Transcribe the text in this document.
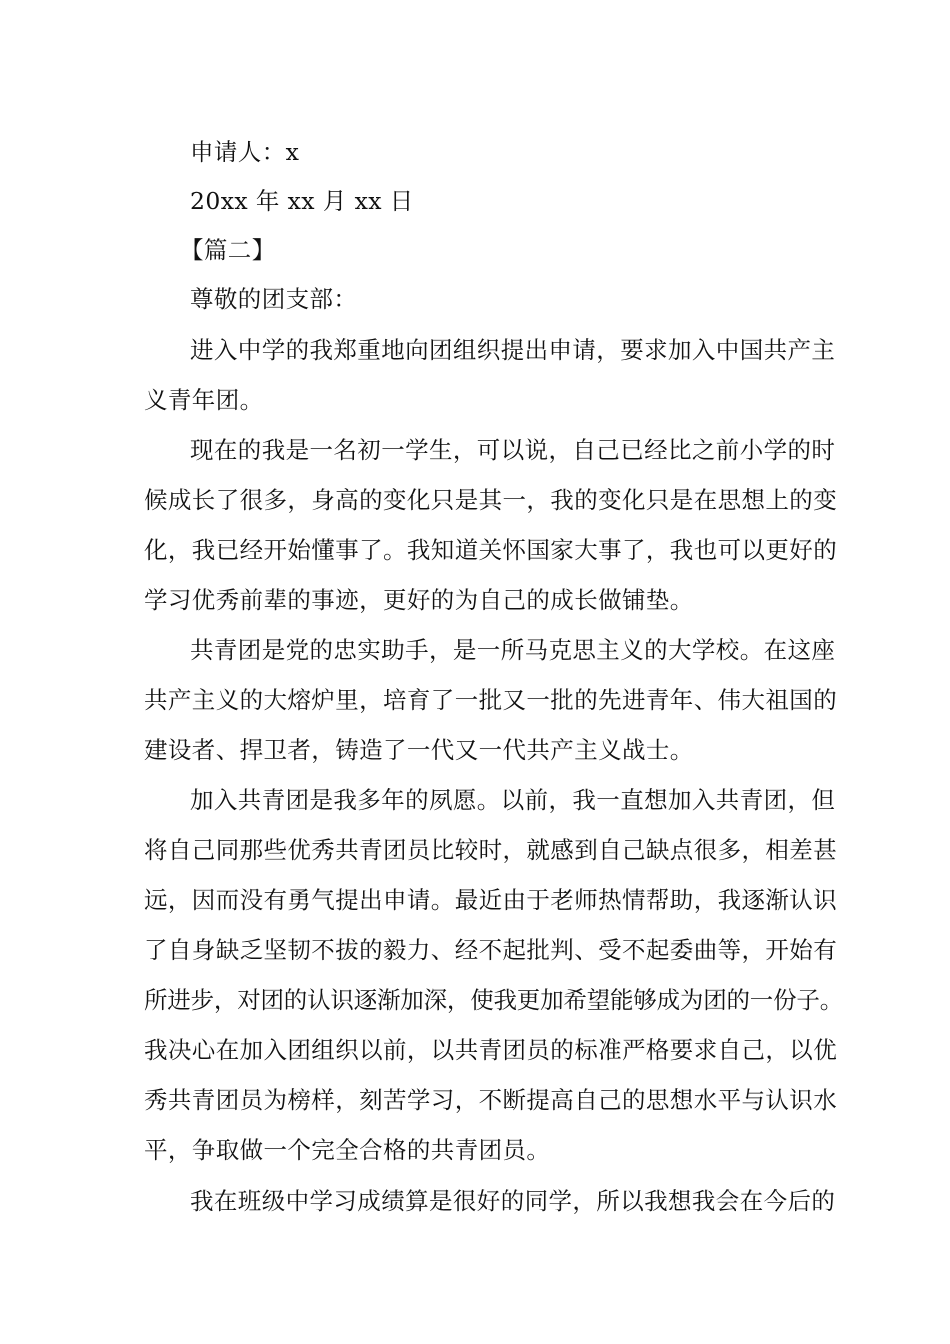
申请人：x
20xx 年 xx 月 xx 日
【篇二】
尊敬的团支部：
进入中学的我郑重地向团组织提出申请，要求加入中国共产主
义青年团。
现在的我是一名初一学生，可以说，自己已经比之前小学的时
候成长了很多，身高的变化只是其一，我的变化只是在思想上的变
化，我已经开始懂事了。我知道关怀国家大事了，我也可以更好的
学习优秀前辈的事迹，更好的为自己的成长做铺垫。
共青团是党的忠实助手，是一所马克思主义的大学校。在这座
共产主义的大熔炉里，培育了一批又一批的先进青年、伟大祖国的
建设者、捍卫者，铸造了一代又一代共产主义战士。
加入共青团是我多年的夙愿。以前，我一直想加入共青团，但
将自己同那些优秀共青团员比较时，就感到自己缺点很多，相差甚
远，因而没有勇气提出申请。最近由于老师热情帮助，我逐渐认识
了自身缺乏坚韧不拔的毅力、经不起批判、受不起委曲等，开始有
所进步，对团的认识逐渐加深，使我更加希望能够成为团的一份子。
我决心在加入团组织以前，以共青团员的标准严格要求自己，以优
秀共青团员为榜样，刻苦学习，不断提高自己的思想水平与认识水
平，争取做一个完全合格的共青团员。
我在班级中学习成绩算是很好的同学，所以我想我会在今后的
